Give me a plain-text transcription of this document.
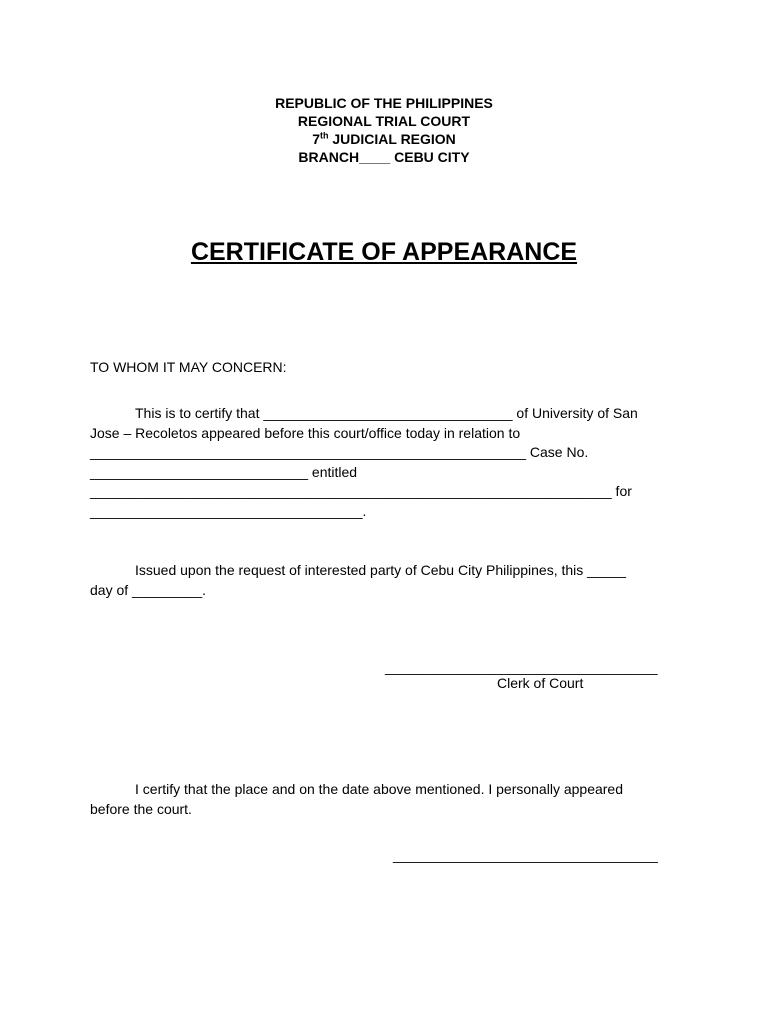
REPUBLIC OF THE PHILIPPINES
REGIONAL TRIAL COURT
7th JUDICIAL REGION
BRANCH____ CEBU CITY
CERTIFICATE OF APPEARANCE
TO WHOM IT MAY CONCERN:
This is to certify that ________________________________ of University of San
Jose – Recoletos appeared before this court/office today in relation to
________________________________________________________ Case No.
____________________________ entitled
___________________________________________________________________ for
___________________________________.
Issued upon the request of interested party of Cebu City Philippines, this _____
day of _________.
___________________________________
Clerk of Court
I certify that the place and on the date above mentioned. I personally appeared
before the court.
__________________________________
